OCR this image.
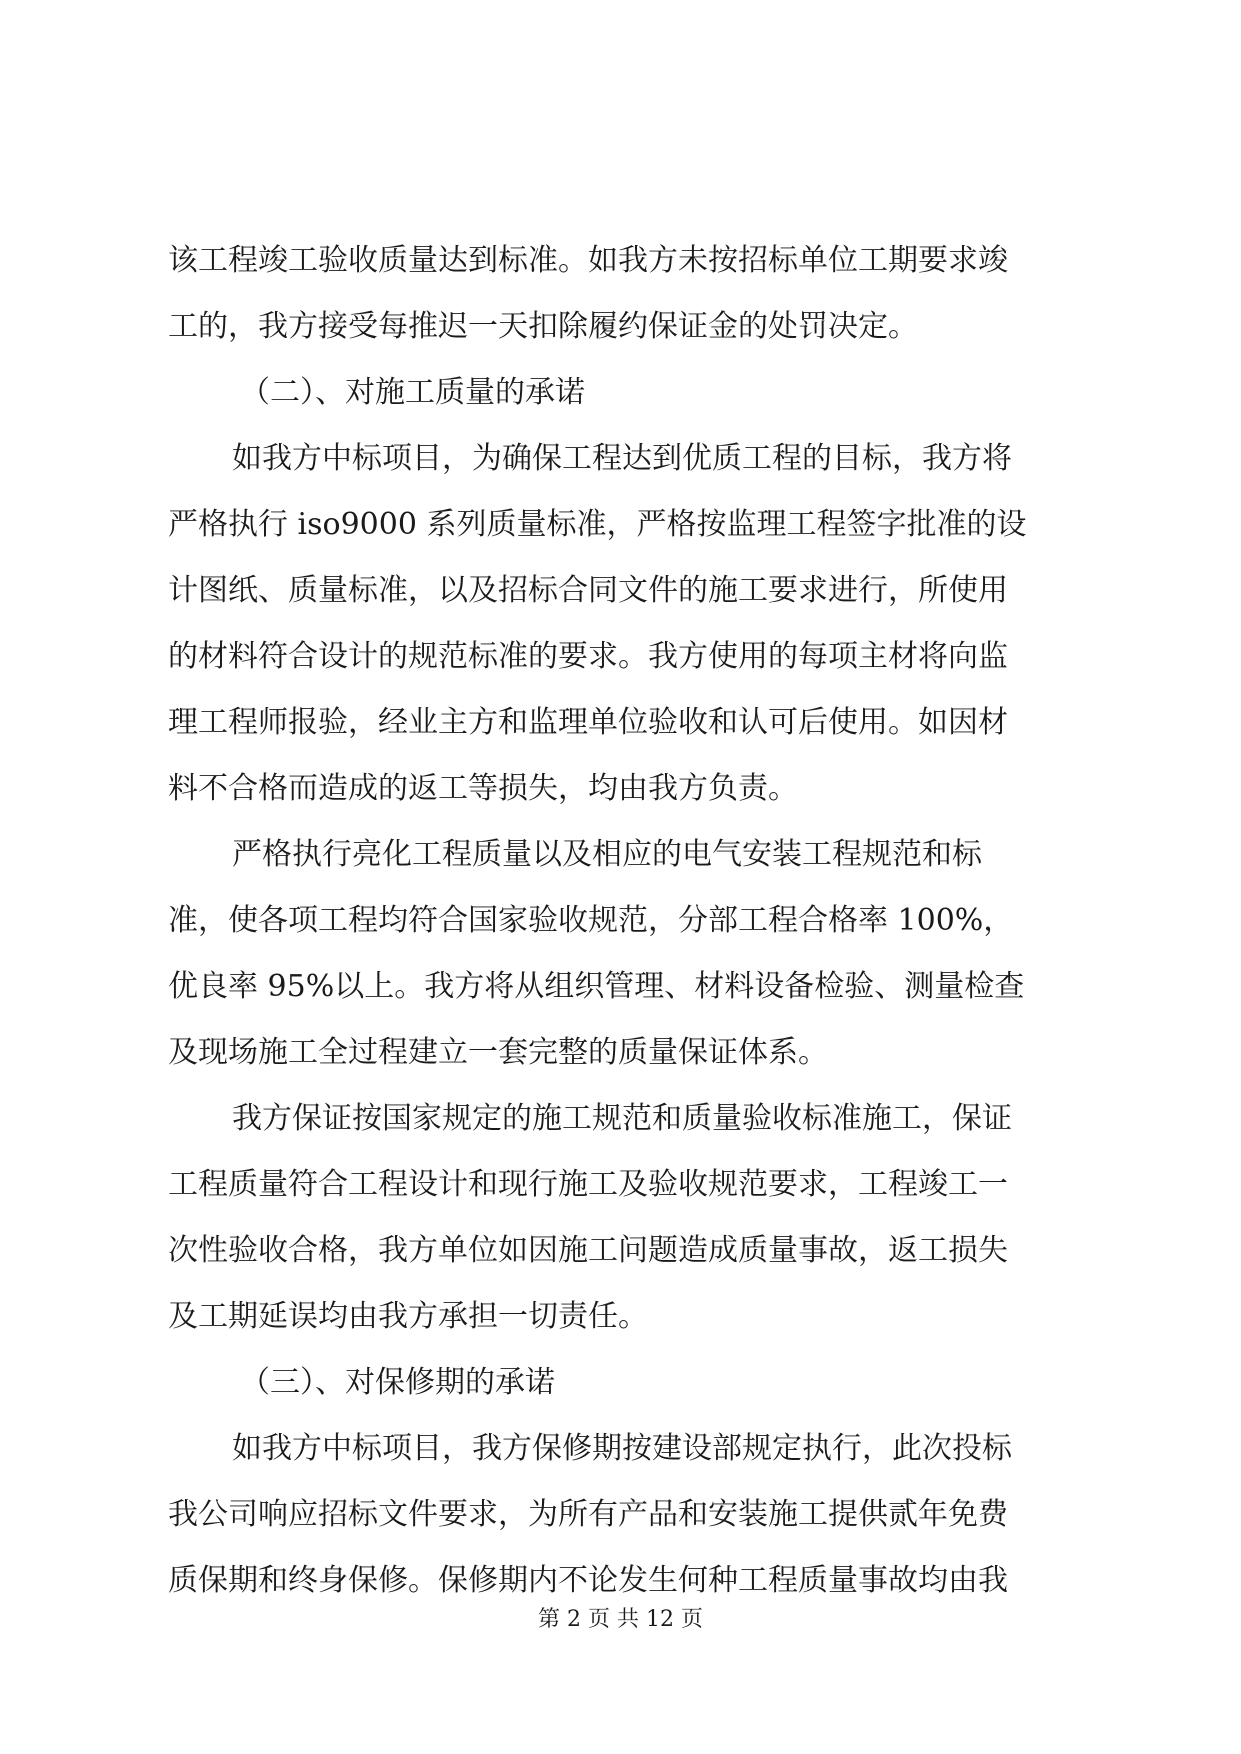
该工程竣工验收质量达到标准。如我方未按招标单位工期要求竣
工的，我方接受每推迟一天扣除履约保证金的处罚决定。
（二）、对施工质量的承诺
如我方中标项目，为确保工程达到优质工程的目标，我方将
严格执行 iso9000 系列质量标准，严格按监理工程签字批准的设
计图纸、质量标准，以及招标合同文件的施工要求进行，所使用
的材料符合设计的规范标准的要求。我方使用的每项主材将向监
理工程师报验，经业主方和监理单位验收和认可后使用。如因材
料不合格而造成的返工等损失，均由我方负责。
严格执行亮化工程质量以及相应的电气安装工程规范和标
准，使各项工程均符合国家验收规范，分部工程合格率 100%，
优良率 95%以上。我方将从组织管理、材料设备检验、测量检查
及现场施工全过程建立一套完整的质量保证体系。
我方保证按国家规定的施工规范和质量验收标准施工，保证
工程质量符合工程设计和现行施工及验收规范要求，工程竣工一
次性验收合格，我方单位如因施工问题造成质量事故，返工损失
及工期延误均由我方承担一切责任。
（三）、对保修期的承诺
如我方中标项目，我方保修期按建设部规定执行，此次投标
我公司响应招标文件要求，为所有产品和安装施工提供贰年免费
质保期和终身保修。保修期内不论发生何种工程质量事故均由我
第 2 页 共 12 页
